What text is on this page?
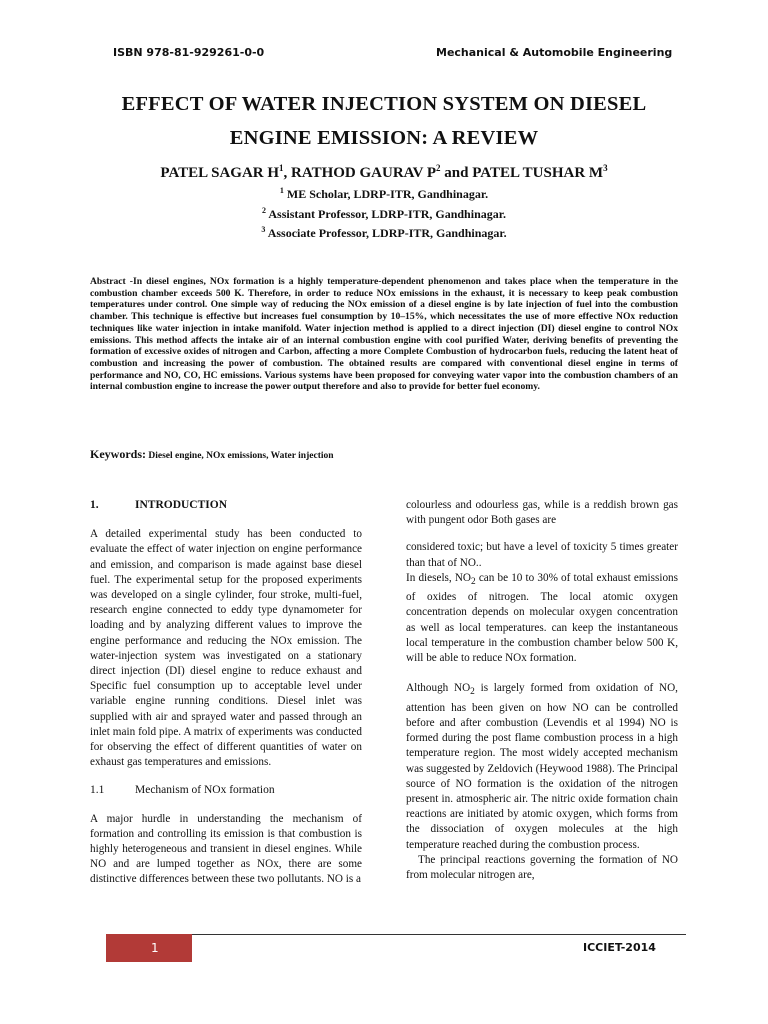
ISBN 978-81-929261-0-0	Mechanical & Automobile Engineering
EFFECT OF WATER INJECTION SYSTEM ON DIESEL
ENGINE EMISSION: A REVIEW
PATEL SAGAR $H^1$, RATHOD GAURAV $P^2$ and PATEL TUSHAR $M^3$
$^1$ ME Scholar, LDRP-ITR, Gandhinagar.
$^2$ Assistant Professor, LDRP-ITR, Gandhinagar.
$^3$ Associate Professor, LDRP-ITR, Gandhinagar.
Abstract -In diesel engines, NOx formation is a highly temperature-dependent phenomenon and takes place when the temperature in the combustion chamber exceeds 500 K. Therefore, in order to reduce NOx emissions in the exhaust, it is necessary to keep peak combustion temperatures under control. One simple way of reducing the NOx emission of a diesel engine is by late injection of fuel into the combustion chamber. This technique is effective but increases fuel consumption by 10–15%, which necessitates the use of more effective NOx reduction techniques like water injection in intake manifold. Water injection method is applied to a direct injection (DI) diesel engine to control NOx emissions. This method affects the intake air of an internal combustion engine with cool purified Water, deriving benefits of preventing the formation of excessive oxides of nitrogen and Carbon, affecting a more Complete Combustion of hydrocarbon fuels, reducing the latent heat of combustion and increasing the power of combustion. The obtained results are compared with conventional diesel engine in terms of performance and NO, CO, HC emissions. Various systems have been proposed for conveying water vapor into the combustion chambers of an internal combustion engine to increase the power output therefore and also to provide for better fuel economy.
Keywords: Diesel engine, NOx emissions, Water injection
1.	INTRODUCTION

A detailed experimental study has been conducted to evaluate the effect of water injection on engine performance and emission, and comparison is made against base diesel fuel. The experimental setup for the proposed experiments was developed on a single cylinder, four stroke, multi-fuel, research engine connected to eddy type dynamometer for loading and by analyzing different values to improve the engine performance and reducing the NOx emission. The water-injection system was investigated on a stationary direct injection (DI) diesel engine to reduce exhaust and Specific fuel consumption up to acceptable level under variable engine running conditions. Diesel inlet was supplied with air and sprayed water and passed through an inlet main fold pipe. A matrix of experiments was conducted for observing the effect of different quantities of water on exhaust gas temperatures and emissions.

1.1	Mechanism of NOx formation

A major hurdle in understanding the mechanism of formation and controlling its emission is that combustion is highly heterogeneous and transient in diesel engines. While NO and are lumped together as NOx, there are some distinctive differences between these two pollutants. NO is a

colourless and odourless gas, while is a reddish brown gas with pungent odor Both gases are

considered toxic; but have a level of toxicity 5 times greater than that of NO..

In diesels, $NO_2$ can be 10 to 30% of total exhaust emissions of oxides of nitrogen. The local atomic oxygen concentration depends on molecular oxygen concentration as well as local temperatures. can keep the instantaneous local temperature in the combustion chamber below 500 K, will be able to reduce NOx formation.

Although $NO_2$ is largely formed from oxidation of NO, attention has been given on how NO can be controlled before and after combustion (Levendis et al 1994) NO is formed during the post flame combustion process in a high temperature region. The most widely accepted mechanism was suggested by Zeldovich (Heywood 1988). The Principal source of NO formation is the oxidation of the nitrogen present in. atmospheric air. The nitric oxide formation chain reactions are initiated by atomic oxygen, which forms from the dissociation of oxygen molecules at the high temperature reached during the combustion process.

The principal reactions governing the formation of NO from molecular nitrogen are,

1	ICCIET-2014
